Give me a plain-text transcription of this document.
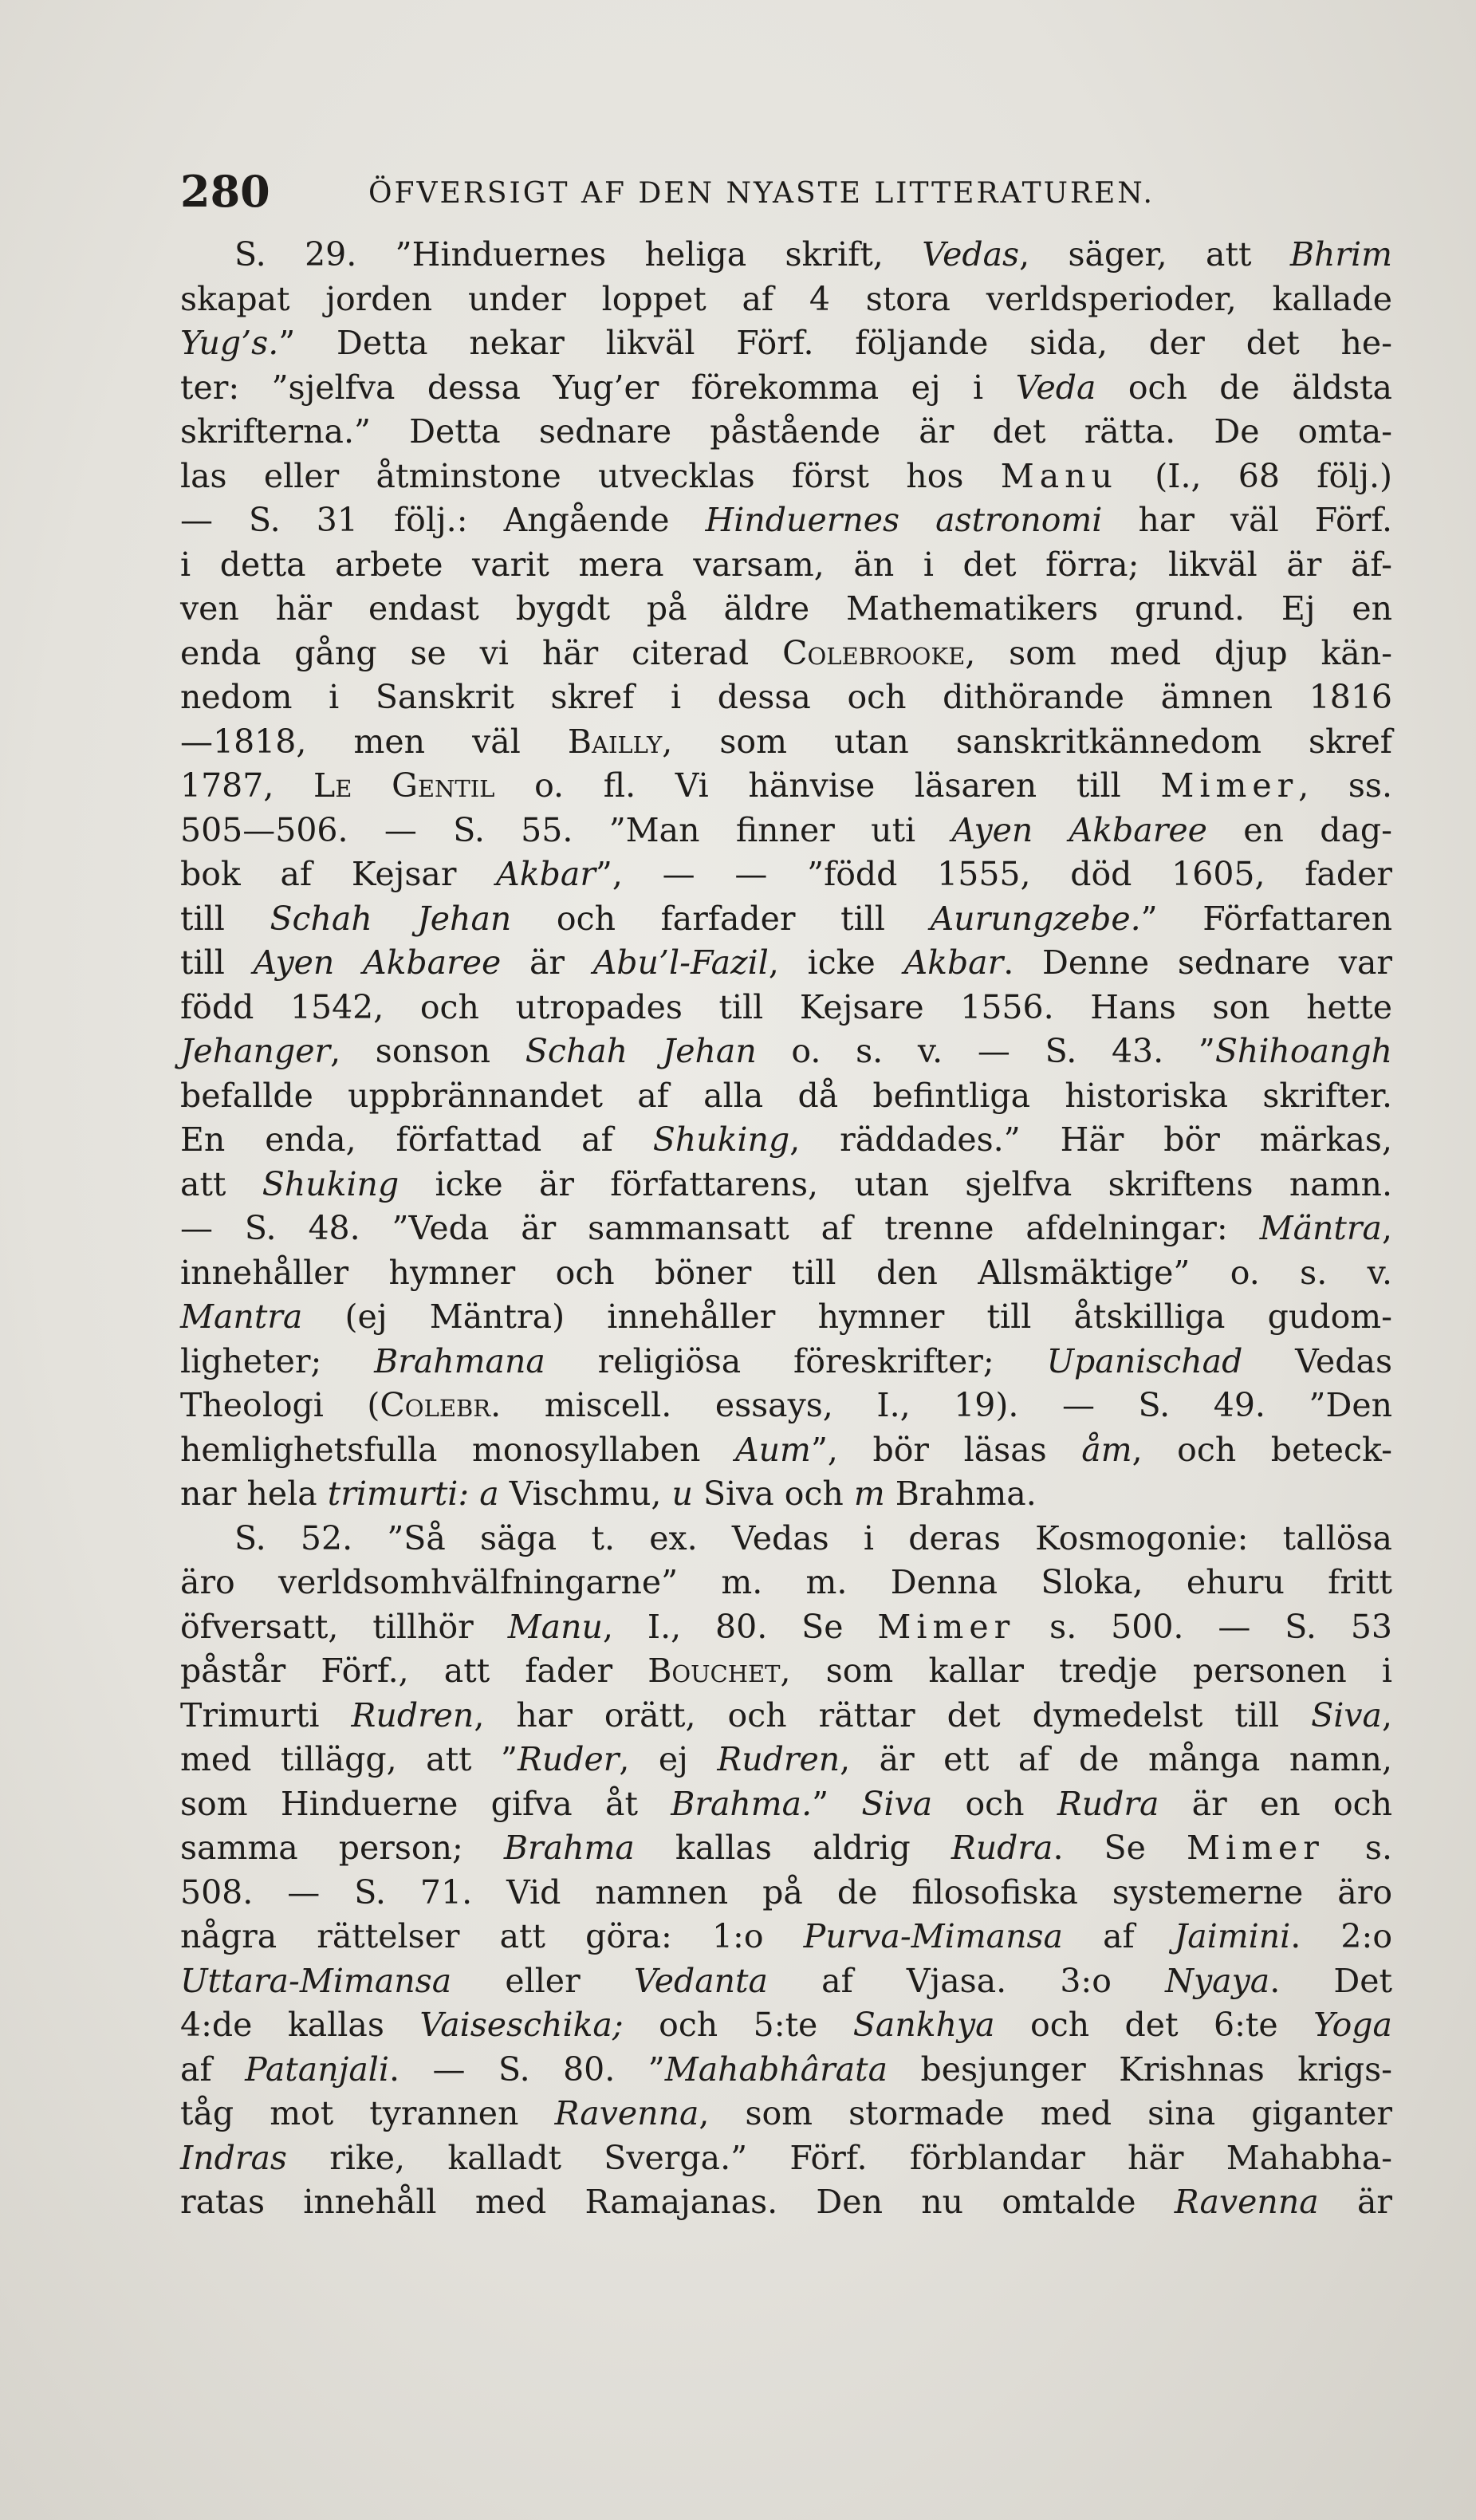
280	ÖFVERSIGT AF DEN NYASTE LITTERATUREN.
S. 29. ”Hinduernes heliga skrift, Vedas, säger, att Bhrim
skapat jorden under loppet af 4 stora verldsperioder, kallade
Yug’s.” Detta nekar likväl Förf. följande sida, der det he-
ter: ”sjelfva dessa Yug’er förekomma ej i Veda och de äldsta
skrifterna.” Detta sednare påstående är det rätta. De omta-
las eller åtminstone utvecklas först hos Manu (I., 68 följ.)
— S. 31 följ.: Angående Hinduernes astronomi har väl Förf.
i detta arbete varit mera varsam, än i det förra; likväl är äf-
ven här endast bygdt på äldre Mathematikers grund. Ej en
enda gång se vi här citerad Colebrooke, som med djup kän-
nedom i Sanskrit skref i dessa och dithörande ämnen 1816
—1818, men väl Bailly, som utan sanskritkännedom skref
1787, Le Gentil o. fl. Vi hänvise läsaren till Mimer, ss.
505—506. — S. 55. ”Man finner uti Ayen Akbaree en dag-
bok af Kejsar Akbar”, — — ”född 1555, död 1605, fader
till Schah Jehan och farfader till Aurungzebe.” Författaren
till Ayen Akbaree är Abu’l-Fazil, icke Akbar. Denne sednare var
född 1542, och utropades till Kejsare 1556. Hans son hette
Jehanger, sonson Schah Jehan o. s. v. — S. 43. ”Shihoangh
befallde uppbrännandet af alla då befintliga historiska skrifter.
En enda, författad af Shuking, räddades.” Här bör märkas,
att Shuking icke är författarens, utan sjelfva skriftens namn.
— S. 48. ”Veda är sammansatt af trenne afdelningar: Mäntra,
innehåller hymner och böner till den Allsmäktige” o. s. v.
Mantra (ej Mäntra) innehåller hymner till åtskilliga gudom-
ligheter; Brahmana religiösa föreskrifter; Upanischad Vedas
Theologi (Colebr. miscell. essays, I., 19). — S. 49. ”Den
hemlighetsfulla monosyllaben Aum”, bör läsas åm, och beteck-
nar hela trimurti: a Vischmu, u Siva och m Brahma.
S. 52. ”Så säga t. ex. Vedas i deras Kosmogonie: tallösa
äro verldsomhvälfningarne” m. m. Denna Sloka, ehuru fritt
öfversatt, tillhör Manu, I., 80. Se Mimer s. 500. — S. 53
påstår Förf., att fader Bouchet, som kallar tredje personen i
Trimurti Rudren, har orätt, och rättar det dymedelst till Siva,
med tillägg, att ”Ruder, ej Rudren, är ett af de många namn,
som Hinduerne gifva åt Brahma.” Siva och Rudra är en och
samma person; Brahma kallas aldrig Rudra. Se Mimer s.
508. — S. 71. Vid namnen på de filosofiska systemerne äro
några rättelser att göra: 1:o Purva-Mimansa af Jaimini. 2:o
Uttara-Mimansa eller Vedanta af Vjasa. 3:o Nyaya. Det
4:de kallas Vaiseschika; och 5:te Sankhya och det 6:te Yoga
af Patanjali. — S. 80. ”Mahabhârata besjunger Krishnas krigs-
tåg mot tyrannen Ravenna, som stormade med sina giganter
Indras rike, kalladt Sverga.” Förf. förblandar här Mahabha-
ratas innehåll med Ramajanas. Den nu omtalde Ravenna är
